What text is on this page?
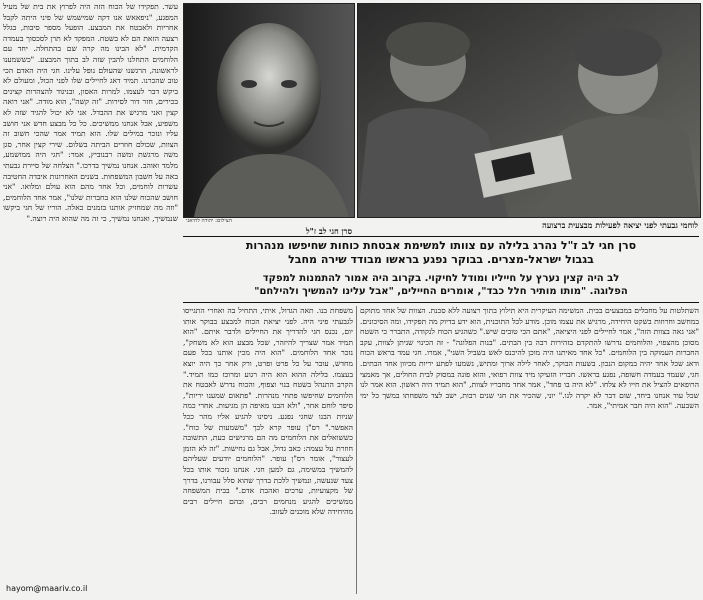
עשר. תפקידו של הכוח הזה היה לפרוץ את בית של מעיל המפגע, "ניפאאש אנו דקה שמישמש של פיני היתה לקבל אחריות ולאבטח את המבצע. הופעל מספר סיבות, בגלל רצעה הזאת הם לא בשטח. המפקד לא תרן לסכסוך בעמדה הקדמית. "לא הבינו מה קרה שם בהתחלה. יחד עם הלוחמים התחלנו להבין שזה לב בתוך המבצע. "כששמענו לראשונה, הרגשנו שהעולם נופל עלינו. חגי היה האדם הכי טוב שהכרנו. תמיד דאג לחיילים שלו לפני הכול, ומעולם לא ביקש דבר לעצמו. למרות האסון, ובניגוד להצהרות קצינים בכירים, חזר דור לסירות. "זה קשה", הוא מודה. "אני רואה קצין ואני מרגיש את ההבדל. אני לא יכול להגיד שזה לא משפיע, אבל אנחנו ממשיכים. כל כל מבצע חדש אני חושב עליו ונזכר במילים שלו. הוא תמיד אמר שהכי חשוב זה הצוות, שכולם חוזרים הביתה בשלום. שירי קצין אחר, סגן משה מרגשת ומשה רבנוביץ, אמר: "חגי היה ממושמע, מלמד ואוהב. אנחנו נמשיך בדרכו." הצלחה של סיירת גבעתי באה על חשבון המשפחות. בשנים האחרונות איבדה החטיבה עשרות לוחמים, וכל אחד מהם הוא עולם ומלואו. "אני חושב שהכוח שלנו הוא בחברות שלנו", אמר אחד הלוחמים, "וזה מה שמחזיק אותנו בזמנים כאלה. הוריו של חגי ביקשו שנמשיך, ואנחנו נמשיך, כי זה מה שהוא היה רוצה."

hayom@maariv.co.il
הצילום: יהודה לחיאני
סרן חגי לב ז"ל
לוחמי גבעתי לפני יציאה לפעילות מבצעית ברצועה
סרן חגי לב ז"ל נהרג בלילה עם צוותו למשימת אבטחת כוחות שחיפשו מנהרות
בגבול ישראל-מצרים. בבוקר נפגע בראשו מבודד שירה מחבל
לב היה קצין נערץ על חייליו ומודל לחיקוי. בקרוב היה אמור להתמנות למפקד
הפלוגה. "מותו מותיר חלל כבד", אומרים החיילים, "אבל עלינו להמשיך ולהילחם"

משפחת בנו. תאה הגדול, איתי, התחיל בה ואחרי התגייסו לגבעתי פיני היה. לפני יציאת הכוח למבצע בבוקר אותו יום, נכנס חגי להדריך את החיילים ולדבר איתם. "הוא תמיד אמר שצריך להיזהר, שכל מבצע הוא לא משחק", נזכר אחד הלוחמים. "הוא היה מכין אותנו בכל פעם מחדש, עובר על כל פרט ופרט, ורק אחר כך היה יוצא בעצמו. בלילה ההוא הוא היה רגוע ומרוכז כמו תמיד." הקרב התנהל בשטח בנוי וצפוף, והכוח נדרש לאבטח את הלוחמים שחיפשו פתחי מנהרות. "פתאום שמענו יריות", סיפר לוחם אחר, "ולא הבנו מאיפה הן מגיעות. אחרי כמה שניות הבנו שחגי נפגע. ניסינו להגיע אליו מהר ככל האפשר." רס"ן עופר קרא לכך "משמעות של כוח". כששואלים את הלוחמים מה הם מרגישים כעת, התשובה חוזרת על עצמה: כאב גדול, אבל גם נחישות. "זה לא הזמן לעצור", אומר רס"ן עופר. "הלוחמים יודעים שעליהם להמשיך במשימה, גם למען חגי. אנחנו נזכור אותו בכל צעד שנעשה, ונמשיך ללכת בדרך שהוא סלל עבורנו, בדרך של מקצועיות, ערכים ואהבת אדם." בבית המשפחה ממשיכים להגיע מנחמים רבים, ובהם חיילים רבים מהיחידה שלא מוכנים לעזוב.

השתלטות על מחבלים במבצעים בבית. המשימה העיקרית היא תילוץ בתוך רצועה ללא סכנת. הצוות של אחד מתוקם במחשב וחרוזות בשקט היחידה, מרגיש את עצמו מוכן. מודע לכל התוכנית, הוא ידע בדיוק מה תפקידו, ומה הסיכונים. "אני גאה בצוות הזה", אמר לחיילים לפני היציאה, "אתם הכי טובים שיש." כשהגיע הכוח לנקודה, התברר כי השטח מסוכן מהצפוי, והלוחמים נדרשו להתקדם בזהירות רבה בין הבתים. "בנות הפלוגה" - זה הכינוי שניתן לצוות, עקב החברות העמוקה בין הלוחמים. "כל אחד מאיתנו היה מוכן להיכנס לאש בשביל השני", אמרו. חגי עמד בראש הכוח ודאג שכל אחד יהיה במקום הנכון. בשעות הבוקר, לאחר לילה ארוך ומתיש, נשמעו לפתע יריות מכיוון אחד הבתים. חגי, שעמד בעמדה חשופה, נפגע בראשו. חבריו הזעיקו מיד צוות רפואי, והוא פונה במסוק לבית החולים, אך מאמצי הרופאים להציל את חייו לא צלחו. "לא היה בו פחד", אמר אחד מחבריו לצוות, "הוא תמיד היה ראשון. הוא אמר לנו שכל עוד אנחנו ביחד, שום דבר לא יקרה לנו." יוני, שהכיר את חגי שנים רבות, ישב לצד משפחתו במשך כל ימי השבעה. "הוא היה חבר אמיתי", אמר.
